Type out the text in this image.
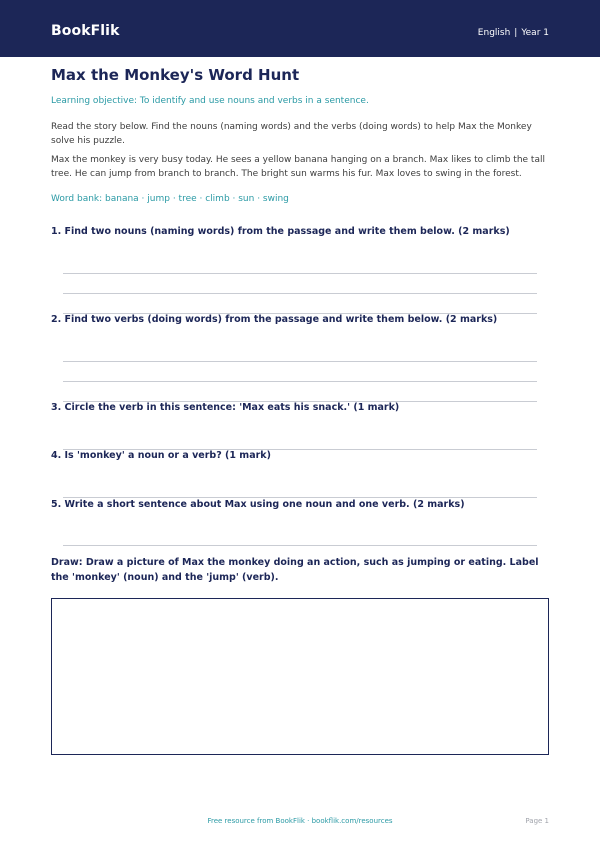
BookFlik	English | Year 1
Max the Monkey's Word Hunt
Learning objective: To identify and use nouns and verbs in a sentence.
Read the story below. Find the nouns (naming words) and the verbs (doing words) to help Max the Monkey solve his puzzle.
Max the monkey is very busy today. He sees a yellow banana hanging on a branch. Max likes to climb the tall tree. He can jump from branch to branch. The bright sun warms his fur. Max loves to swing in the forest.
Word bank: banana · jump · tree · climb · sun · swing
1. Find two nouns (naming words) from the passage and write them below. (2 marks)
2. Find two verbs (doing words) from the passage and write them below. (2 marks)
3. Circle the verb in this sentence: 'Max eats his snack.' (1 mark)
4. Is 'monkey' a noun or a verb? (1 mark)
5. Write a short sentence about Max using one noun and one verb. (2 marks)
Draw: Draw a picture of Max the monkey doing an action, such as jumping or eating. Label the 'monkey' (noun) and the 'jump' (verb).
Free resource from BookFlik · bookflik.com/resources	Page 1
